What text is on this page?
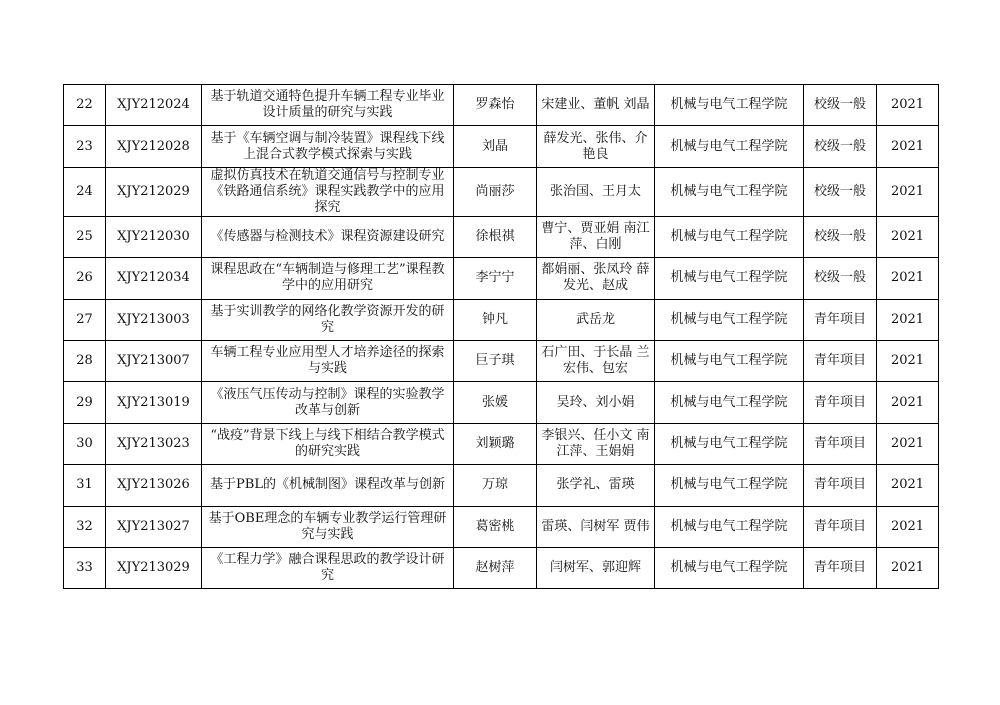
22	XJY212024	基于轨道交通特色提升车辆工程专业毕业设计质量的研究与实践	罗森怡	宋建业、董帆 刘晶	机械与电气工程学院	校级一般	2021
23	XJY212028	基于《车辆空调与制冷装置》课程线下线上混合式教学模式探索与实践	刘晶	薛发光、张伟、介艳良	机械与电气工程学院	校级一般	2021
24	XJY212029	虚拟仿真技术在轨道交通信号与控制专业《铁路通信系统》课程实践教学中的应用探究	尚丽莎	张治国、王月太	机械与电气工程学院	校级一般	2021
25	XJY212030	《传感器与检测技术》课程资源建设研究	徐根祺	曹宁、贾亚娟 南江萍、白刚	机械与电气工程学院	校级一般	2021
26	XJY212034	课程思政在“车辆制造与修理工艺”课程教学中的应用研究	李宁宁	都娟丽、张凤玲 薛发光、赵成	机械与电气工程学院	校级一般	2021
27	XJY213003	基于实训教学的网络化教学资源开发的研究	钟凡	武岳龙	机械与电气工程学院	青年项目	2021
28	XJY213007	车辆工程专业应用型人才培养途径的探索与实践	巨子琪	石广田、于长晶 兰宏伟、包宏	机械与电气工程学院	青年项目	2021
29	XJY213019	《液压气压传动与控制》课程的实验教学改革与创新	张媛	吴玲、刘小娟	机械与电气工程学院	青年项目	2021
30	XJY213023	“战疫”背景下线上与线下相结合教学模式的研究实践	刘颖璐	李银兴、任小文 南江萍、王娟娟	机械与电气工程学院	青年项目	2021
31	XJY213026	基于PBL的《机械制图》课程改革与创新	万琼	张学礼、雷瑛	机械与电气工程学院	青年项目	2021
32	XJY213027	基于OBE理念的车辆专业教学运行管理研究与实践	葛密桃	雷瑛、闫树军 贾伟	机械与电气工程学院	青年项目	2021
33	XJY213029	《工程力学》融合课程思政的教学设计研究	赵树萍	闫树军、郭迎辉	机械与电气工程学院	青年项目	2021
